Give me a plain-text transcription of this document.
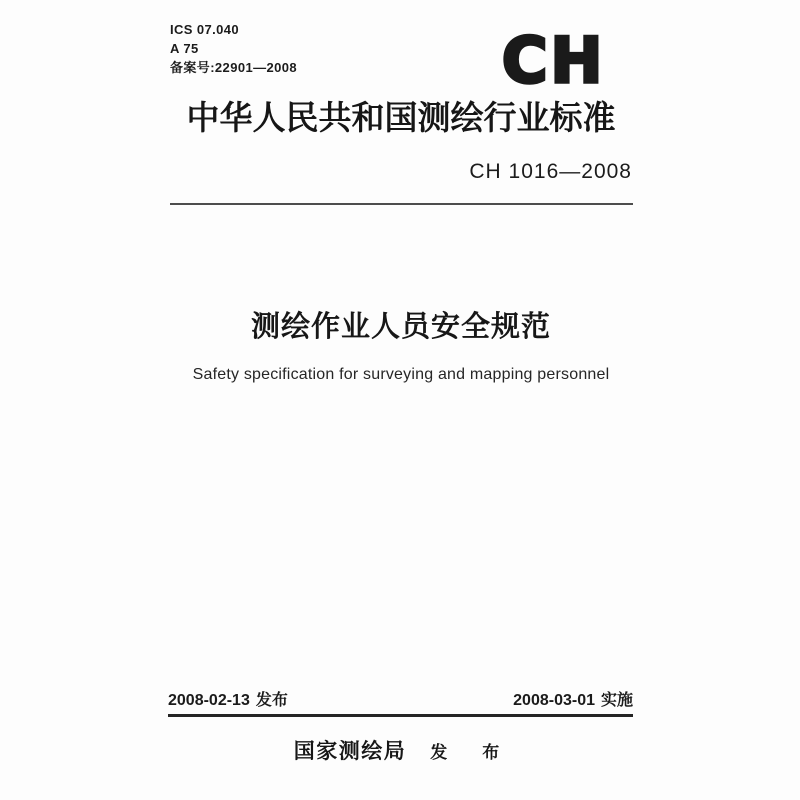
ICS 07.040
A 75
备案号:22901—2008	CH
中华人民共和国测绘行业标准
CH 1016—2008
测绘作业人员安全规范
Safety specification for surveying and mapping personnel
2008-02-13 发布	2008-03-01 实施
国家测绘局 发　布
